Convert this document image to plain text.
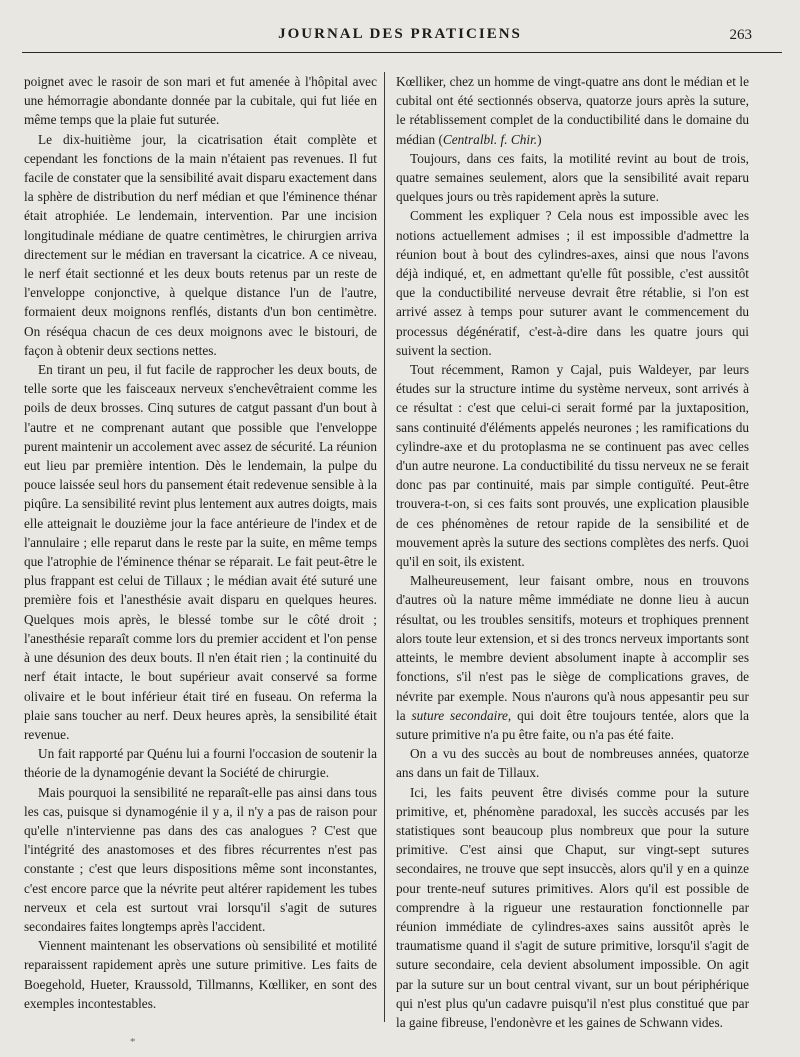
JOURNAL DES PRATICIENS	263

poignet avec le rasoir de son mari et fut amenée à l'hôpital avec une hémorragie abondante donnée par la cubitale, qui fut liée en même temps que la plaie fut suturée.

Le dix-huitième jour, la cicatrisation était complète et cependant les fonctions de la main n'étaient pas revenues. Il fut facile de constater que la sensibilité avait disparu exactement dans la sphère de distribution du nerf médian et que l'éminence thénar était atrophiée. Le lendemain, intervention. Par une incision longitudinale médiane de quatre centimètres, le chirurgien arriva directement sur le médian en traversant la cicatrice. A ce niveau, le nerf était sectionné et les deux bouts retenus par un reste de l'enveloppe conjonctive, à quelque distance l'un de l'autre, formaient deux moignons renflés, distants d'un bon centimètre. On réséqua chacun de ces deux moignons avec le bistouri, de façon à obtenir deux sections nettes.

En tirant un peu, il fut facile de rapprocher les deux bouts, de telle sorte que les faisceaux nerveux s'enchevêtraient comme les poils de deux brosses. Cinq sutures de catgut passant d'un bout à l'autre et ne comprenant autant que possible que l'enveloppe purent maintenir un accolement avec assez de sécurité. La réunion eut lieu par première intention. Dès le lendemain, la pulpe du pouce laissée seul hors du pansement était redevenue sensible à la piqûre. La sensibilité revint plus lentement aux autres doigts, mais elle atteignait le douzième jour la face antérieure de l'index et de l'annulaire ; elle reparut dans le reste par la suite, en même temps que l'atrophie de l'éminence thénar se réparait. Le fait peut-être le plus frappant est celui de Tillaux ; le médian avait été suturé une première fois et l'anesthésie avait disparu en quelques heures. Quelques mois après, le blessé tombe sur le côté droit ; l'anesthésie reparaît comme lors du premier accident et l'on pense à une désunion des deux bouts. Il n'en était rien ; la continuité du nerf était intacte, le bout supérieur avait conservé sa forme olivaire et le bout inférieur était tiré en fuseau. On referma la plaie sans toucher au nerf. Deux heures après, la sensibilité était revenue.

Un fait rapporté par Quénu lui a fourni l'occasion de soutenir la théorie de la dynamogénie devant la Société de chirurgie.

Mais pourquoi la sensibilité ne reparaît-elle pas ainsi dans tous les cas, puisque si dynamogénie il y a, il n'y a pas de raison pour qu'elle n'intervienne pas dans des cas analogues ? C'est que l'intégrité des anastomoses et des fibres récurrentes n'est pas constante ; c'est que leurs dispositions même sont inconstantes, c'est encore parce que la névrite peut altérer rapidement les tubes nerveux et cela est surtout vrai lorsqu'il s'agit de sutures secondaires faites longtemps après l'accident.

Viennent maintenant les observations où sensibilité et motilité reparaissent rapidement après une suture primitive. Les faits de Boegehold, Hueter, Kraussold, Tillmanns, Kœlliker, en sont des exemples incontestables.

Kœlliker, chez un homme de vingt-quatre ans dont le médian et le cubital ont été sectionnés observa, quatorze jours après la suture, le rétablissement complet de la conductibilité dans le domaine du médian (Centralbl. f. Chir.)

Toujours, dans ces faits, la motilité revint au bout de trois, quatre semaines seulement, alors que la sensibilité avait reparu quelques jours ou très rapidement après la suture.

Comment les expliquer ? Cela nous est impossible avec les notions actuellement admises ; il est impossible d'admettre la réunion bout à bout des cylindres-axes, ainsi que nous l'avons déjà indiqué, et, en admettant qu'elle fût possible, c'est aussitôt que la conductibilité nerveuse devrait être rétablie, si l'on est arrivé assez à temps pour suturer avant le commencement du processus dégénératif, c'est-à-dire dans les quatre jours qui suivent la section.

Tout récemment, Ramon y Cajal, puis Waldeyer, par leurs études sur la structure intime du système nerveux, sont arrivés à ce résultat : c'est que celui-ci serait formé par la juxtaposition, sans continuité d'éléments appelés neurones ; les ramifications du cylindre-axe et du protoplasma ne se continuent pas avec celles d'un autre neurone. La conductibilité du tissu nerveux ne se ferait donc pas par continuité, mais par simple contiguïté. Peut-être trouvera-t-on, si ces faits sont prouvés, une explication plausible de ces phénomènes de retour rapide de la sensibilité et de mouvement après la suture des sections complètes des nerfs. Quoi qu'il en soit, ils existent.

Malheureusement, leur faisant ombre, nous en trouvons d'autres où la nature même immédiate ne donne lieu à aucun résultat, ou les troubles sensitifs, moteurs et trophiques prennent alors toute leur extension, et si des troncs nerveux importants sont atteints, le membre devient absolument inapte à accomplir ses fonctions, s'il n'est pas le siège de complications graves, de névrite par exemple. Nous n'aurons qu'à nous appesantir peu sur la suture secondaire, qui doit être toujours tentée, alors que la suture primitive n'a pu être faite, ou n'a pas été faite.

On a vu des succès au bout de nombreuses années, quatorze ans dans un fait de Tillaux.

Ici, les faits peuvent être divisés comme pour la suture primitive, et, phénomène paradoxal, les succès accusés par les statistiques sont beaucoup plus nombreux que pour la suture primitive. C'est ainsi que Chaput, sur vingt-sept sutures secondaires, ne trouve que sept insuccès, alors qu'il y en a quinze pour trente-neuf sutures primitives. Alors qu'il est possible de comprendre à la rigueur une restauration fonctionnelle par réunion immédiate de cylindres-axes sains aussitôt après le traumatisme quand il s'agit de suture primitive, lorsqu'il s'agit de suture secondaire, cela devient absolument impossible. On agit par la suture sur un bout central vivant, sur un bout périphérique qui n'est plus qu'un cadavre puisqu'il n'est plus constitué que par la gaine fibreuse, l'endonèvre et les gaines de Schwann vides.

*
